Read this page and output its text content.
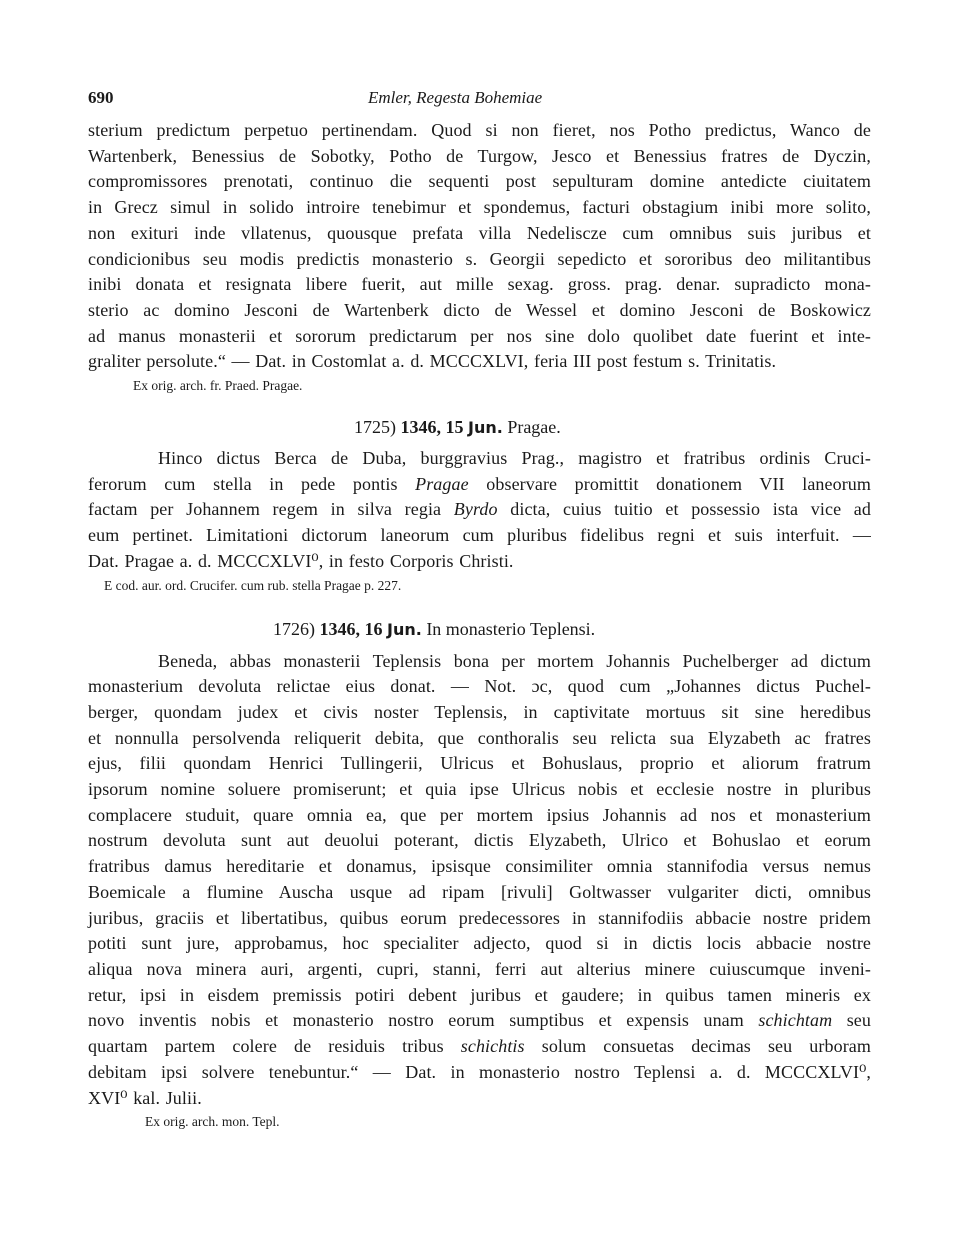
690	Emler, Regesta Bohemiae

sterium predictum perpetuo pertinendam. Quod si non fieret, nos Potho predictus, Wanco de

Wartenberk, Benessius de Sobotky, Potho de Turgow, Jesco et Benessius fratres de Dyczin,

compromissores prenotati, continuo die sequenti post sepulturam domine antedicte ciuitatem

in Grecz simul in solido introire tenebimur et spondemus, facturi obstagium inibi more solito,

non exituri inde vllatenus, quousque prefata villa Nedeliscze cum omnibus suis juribus et

condicionibus seu modis predictis monasterio s. Georgii sepedicto et sororibus deo militantibus

inibi donata et resignata libere fuerit, aut mille sexag. gross. prag. denar. supradicto mona-

sterio ac domino Jesconi de Wartenberk dicto de Wessel et domino Jesconi de Boskowicz

ad manus monasterii et sororum predictarum per nos sine dolo quolibet date fuerint et inte-

graliter persolute.“ — Dat. in Costomlat a. d. MCCCXLVI, feria III post festum s. Trinitatis.

Ex orig. arch. fr. Praed. Pragae.

1725) 1346, 15 Jun. Pragae.

Hinco dictus Berca de Duba, burggravius Prag., magistro et fratribus ordinis Cruci-

ferorum cum stella in pede pontis Pragae observare promittit donationem VII laneorum

factam per Johannem regem in silva regia Byrdo dicta, cuius tuitio et possessio ista vice ad

eum pertinet. Limitationi dictorum laneorum cum pluribus fidelibus regni et suis interfuit. —

Dat. Pragae a. d. MCCCXLVI⁰, in festo Corporis Christi.

E cod. aur. ord. Crucifer. cum rub. stella Pragae p. 227.

1726) 1346, 16 Jun. In monasterio Teplensi.

Beneda, abbas monasterii Teplensis bona per mortem Johannis Puchelberger ad dictum

monasterium devoluta relictae eius donat. — Not. ɔc, quod cum „Johannes dictus Puchel-

berger, quondam judex et civis noster Teplensis, in captivitate mortuus sit sine heredibus

et nonnulla persolvenda reliquerit debita, que conthoralis seu relicta sua Elyzabeth ac fratres

ejus, filii quondam Henrici Tullingerii, Ulricus et Bohuslaus, proprio et aliorum fratrum

ipsorum nomine soluere promiserunt; et quia ipse Ulricus nobis et ecclesie nostre in pluribus

complacere studuit, quare omnia ea, que per mortem ipsius Johannis ad nos et monasterium

nostrum devoluta sunt aut deuolui poterant, dictis Elyzabeth, Ulrico et Bohuslao et eorum

fratribus damus hereditarie et donamus, ipsisque consimiliter omnia stannifodia versus nemus

Boemicale a flumine Auscha usque ad ripam [rivuli] Goltwasser vulgariter dicti, omnibus

juribus, graciis et libertatibus, quibus eorum predecessores in stannifodiis abbacie nostre pridem

potiti sunt jure, approbamus, hoc specialiter adjecto, quod si in dictis locis abbacie nostre

aliqua nova minera auri, argenti, cupri, stanni, ferri aut alterius minere cuiuscumque inveni-

retur, ipsi in eisdem premissis potiri debent juribus et gaudere; in quibus tamen mineris ex

novo inventis nobis et monasterio nostro eorum sumptibus et expensis unam schichtam seu

quartam partem colere de residuis tribus schichtis solum consuetas decimas seu urboram

debitam ipsi solvere tenebuntur.“ — Dat. in monasterio nostro Teplensi a. d. MCCCXLVI⁰,

XVI⁰ kal. Julii.

Ex orig. arch. mon. Tepl.
